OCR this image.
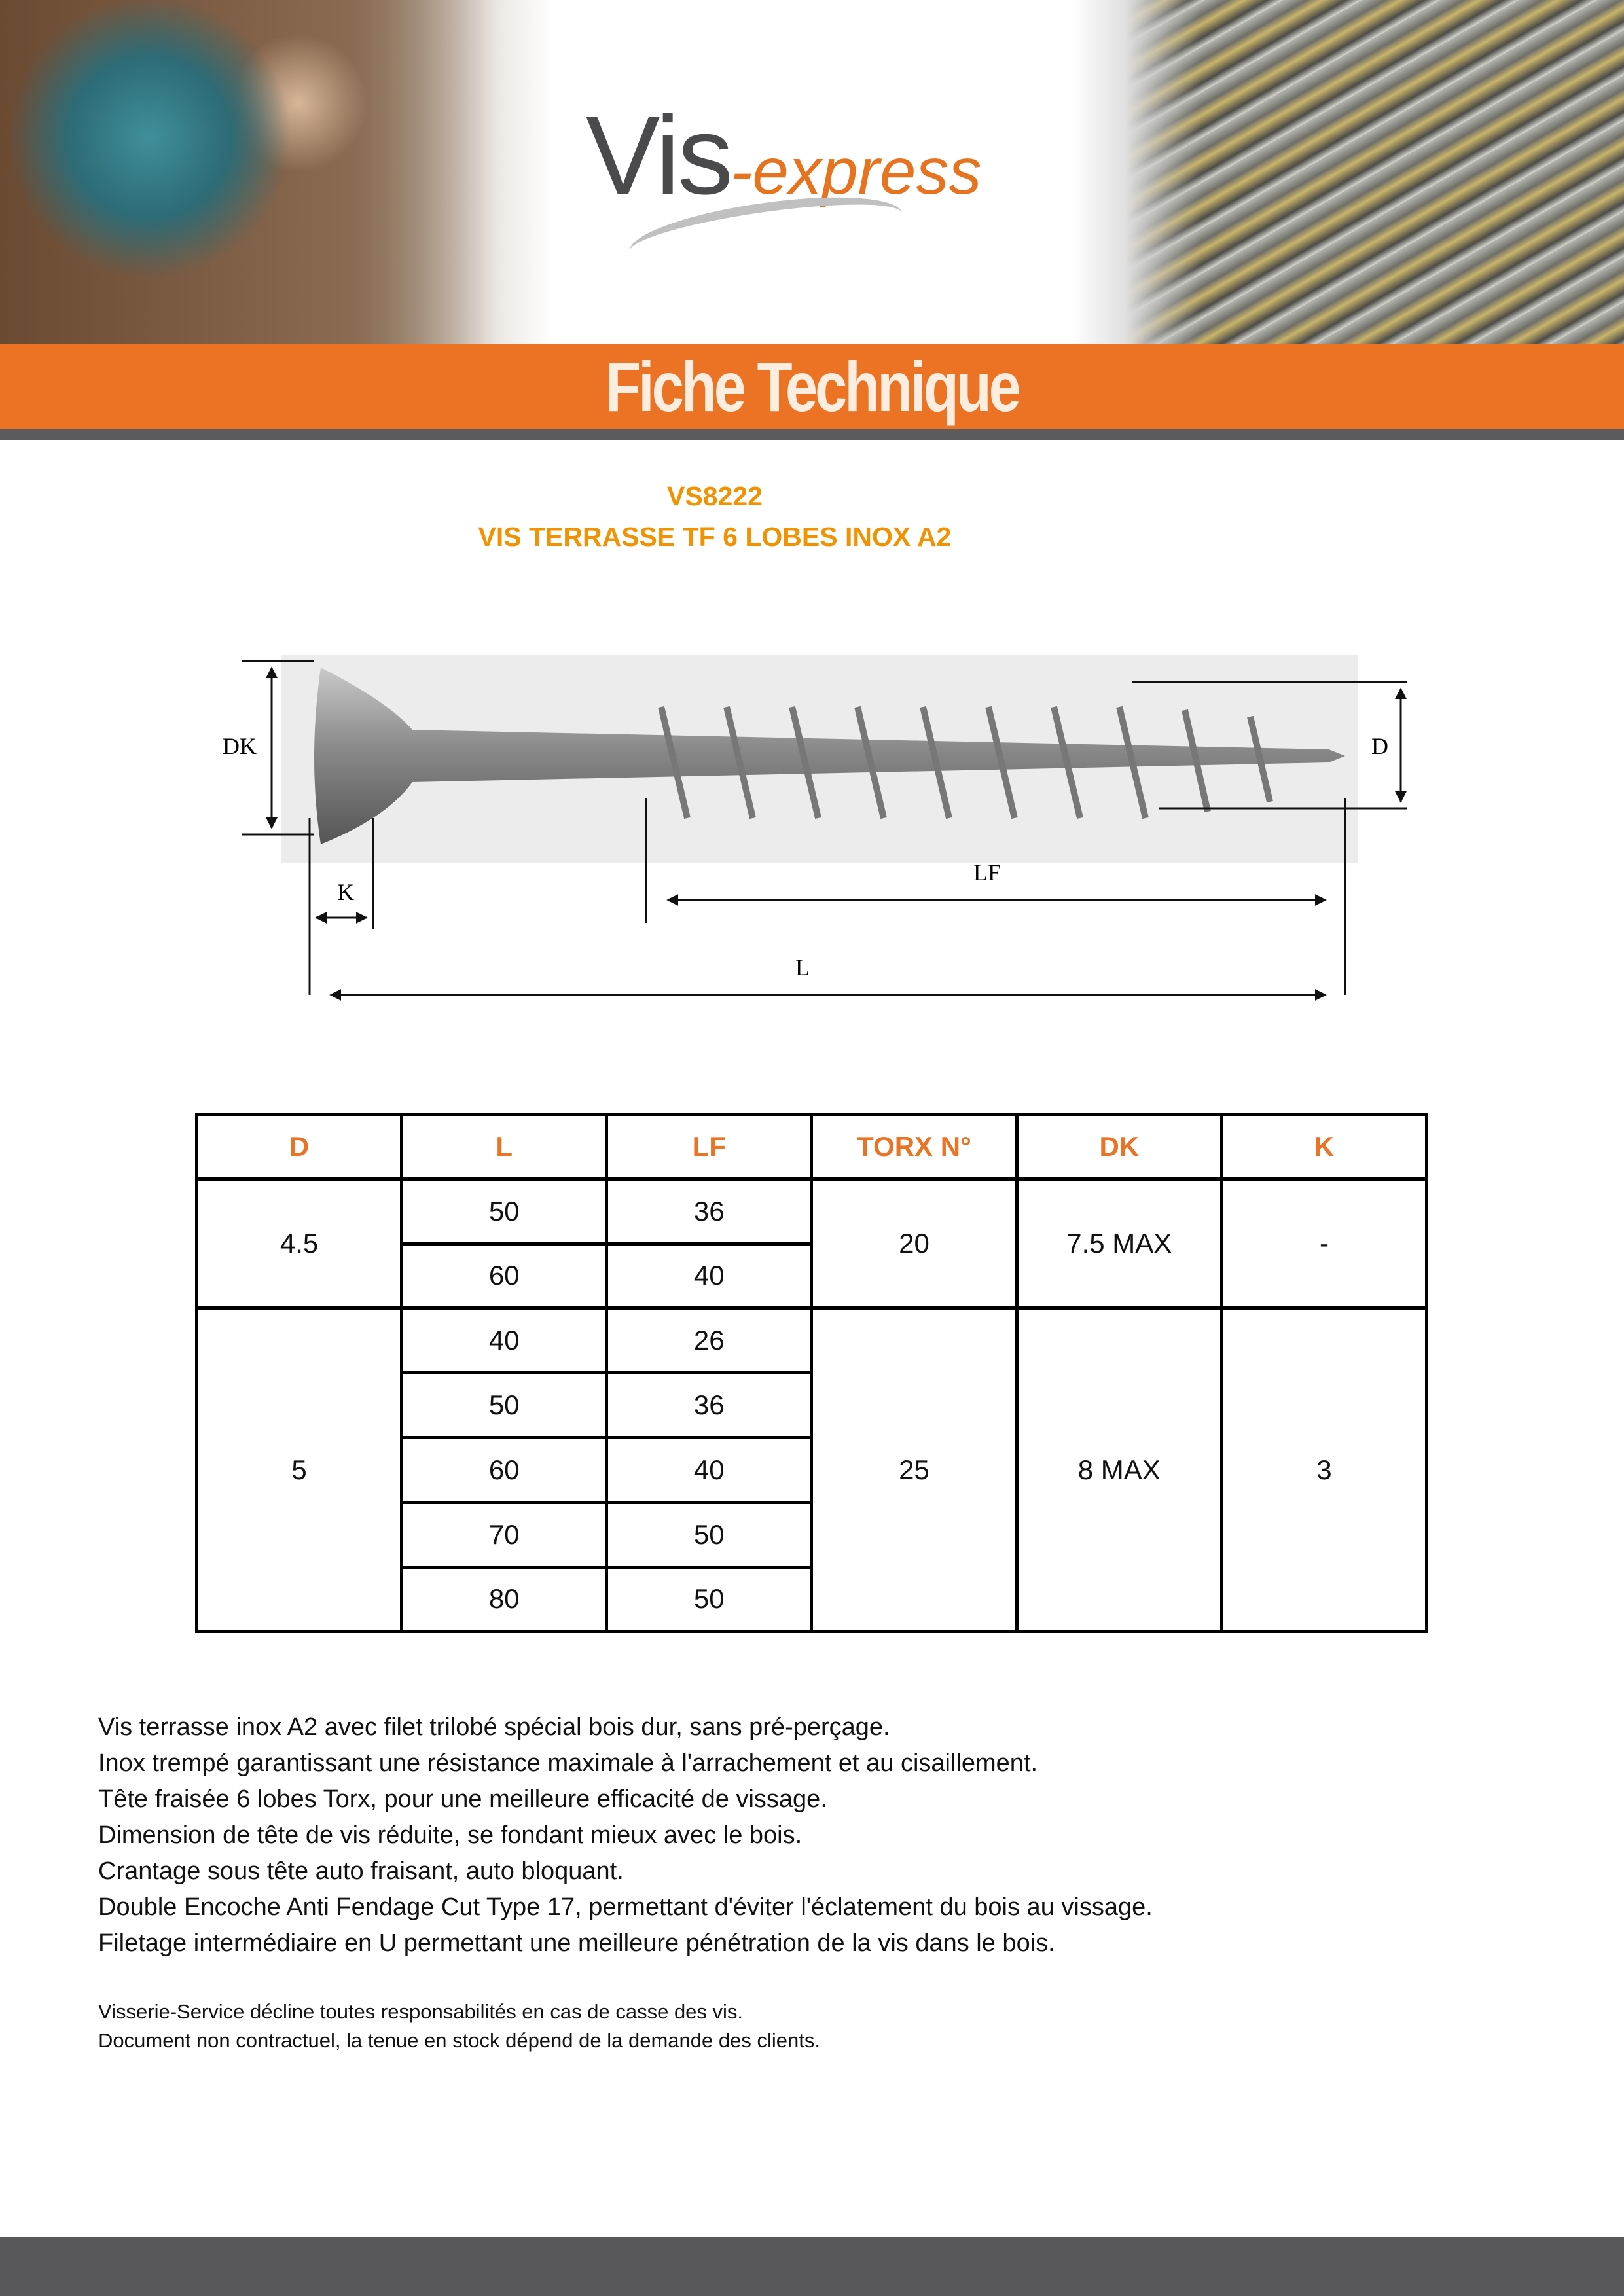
Vis-express
Fiche Technique
VS8222
VIS TERRASSE TF 6 LOBES INOX A2
DK	D
K
LF
L
D	L	LF	TORX N°	DK	K
4.5	50	36	20	7.5 MAX	-
	60	40			
5	40	26	25	8 MAX	3
	50	36			
	60	40			
	70	50			
	80	50			
Vis terrasse inox A2 avec filet trilobé spécial bois dur, sans pré-perçage.
Inox trempé garantissant une résistance maximale à l'arrachement et au cisaillement.
Tête fraisée 6 lobes Torx, pour une meilleure efficacité de vissage.
Dimension de tête de vis réduite, se fondant mieux avec le bois.
Crantage sous tête auto fraisant, auto bloquant.
Double Encoche Anti Fendage Cut Type 17, permettant d'éviter l'éclatement du bois au vissage.
Filetage intermédiaire en U permettant une meilleure pénétration de la vis dans le bois.
Visserie-Service décline toutes responsabilités en cas de casse des vis.
Document non contractuel, la tenue en stock dépend de la demande des clients.
